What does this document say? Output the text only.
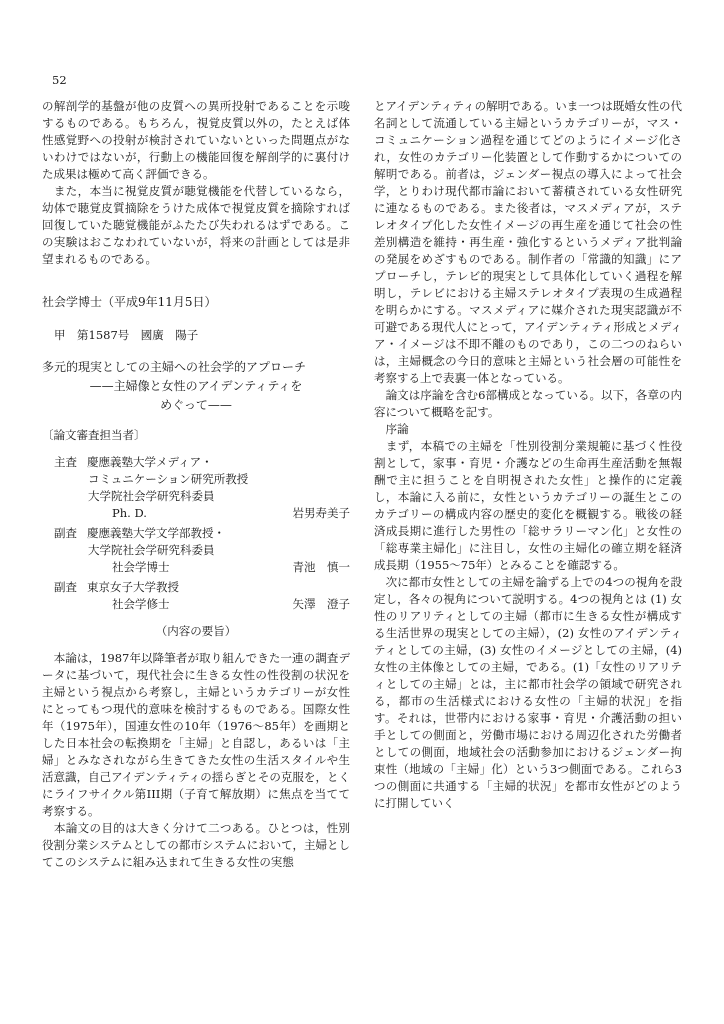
52

の解剖学的基盤が他の皮質への異所投射であることを示唆するものである。もちろん，視覚皮質以外の，たとえば体性感覚野への投射が検討されていないといった問題点がないわけではないが，行動上の機能回復を解剖学的に裏付けた成果は極めて高く評価できる。

　また，本当に視覚皮質が聴覚機能を代替しているなら，幼体で聴覚皮質摘除をうけた成体で視覚皮質を摘除すれば回復していた聴覚機能がふたたび失われるはずである。この実験はおこなわれていないが，将来の計画としては是非望まれるものである。

社会学博士（平成9年11月5日）

甲　第1587号　國廣　陽子

多元的現実としての主婦への社会学的アプローチ

——主婦像と女性のアイデンティティを

めぐって——

〔論文審査担当者〕

主査 慶應義塾大学メディア・
コミュニケーション研究所教授
大学院社会学研究科委員
Ph. D.	岩男寿美子
副査 慶應義塾大学文学部教授・
大学院社会学研究科委員
社会学博士	青池　慎一
副査 東京女子大学教授
社会学修士	矢澤　澄子

（内容の要旨）

　本論は，1987年以降筆者が取り組んできた一連の調査データに基づいて，現代社会に生きる女性の性役割の状況を主婦という視点から考察し，主婦というカテゴリーが女性にとってもつ現代的意味を検討するものである。国際女性年（1975年），国連女性の10年（1976〜85年）を画期とした日本社会の転換期を「主婦」と自認し，あるいは「主婦」とみなされながら生きてきた女性の生活スタイルや生活意識，自己アイデンティティの揺らぎとその克服を，とくにライフサイクル第III期（子育て解放期）に焦点を当てて考察する。

　本論文の目的は大きく分けて二つある。ひとつは，性別役割分業システムとしての都市システムにおいて，主婦としてこのシステムに組み込まれて生きる女性の実態

とアイデンティティの解明である。いま一つは既婚女性の代名詞として流通している主婦というカテゴリーが，マス・コミュニケーション過程を通じてどのようにイメージ化され，女性のカテゴリー化装置として作動するかについての解明である。前者は，ジェンダー視点の導入によって社会学，とりわけ現代都市論において蓄積されている女性研究に連なるものである。また後者は，マスメディアが，ステレオタイプ化した女性イメージの再生産を通じて社会の性差別構造を維持・再生産・強化するというメディア批判論の発展をめざすものである。制作者の「常識的知識」にアプローチし，テレビ的現実として具体化していく過程を解明し，テレビにおける主婦ステレオタイプ表現の生成過程を明らかにする。マスメディアに媒介された現実認識が不可避である現代人にとって，アイデンティティ形成とメディア・イメージは不即不離のものであり，この二つのねらいは，主婦概念の今日的意味と主婦という社会層の可能性を考察する上で表裏一体となっている。

　論文は序論を含む6部構成となっている。以下，各章の内容について概略を記す。

　序論

　まず，本稿での主婦を「性別役割分業規範に基づく性役割として，家事・育児・介護などの生命再生産活動を無報酬で主に担うことを自明視された女性」と操作的に定義し，本論に入る前に，女性というカテゴリーの誕生とこのカテゴリーの構成内容の歴史的変化を概観する。戦後の経済成長期に進行した男性の「総サラリーマン化」と女性の「総専業主婦化」に注目し，女性の主婦化の確立期を経済成長期（1955〜75年）とみることを確認する。

　次に都市女性としての主婦を論ずる上での4つの視角を設定し，各々の視角について説明する。4つの視角とは (1) 女性のリアリティとしての主婦（都市に生きる女性が構成する生活世界の現実としての主婦），(2) 女性のアイデンティティとしての主婦，(3) 女性のイメージとしての主婦，(4) 女性の主体像としての主婦，である。(1)「女性のリアリティとしての主婦」とは，主に都市社会学の領域で研究される，都市の生活様式における女性の「主婦的状況」を指す。それは，世帯内における家事・育児・介護活動の担い手としての側面と，労働市場における周辺化された労働者としての側面，地域社会の活動参加におけるジェンダー拘束性（地域の「主婦」化）という3つ側面である。これら3つの側面に共通する「主婦的状況」を都市女性がどのように打開していく
